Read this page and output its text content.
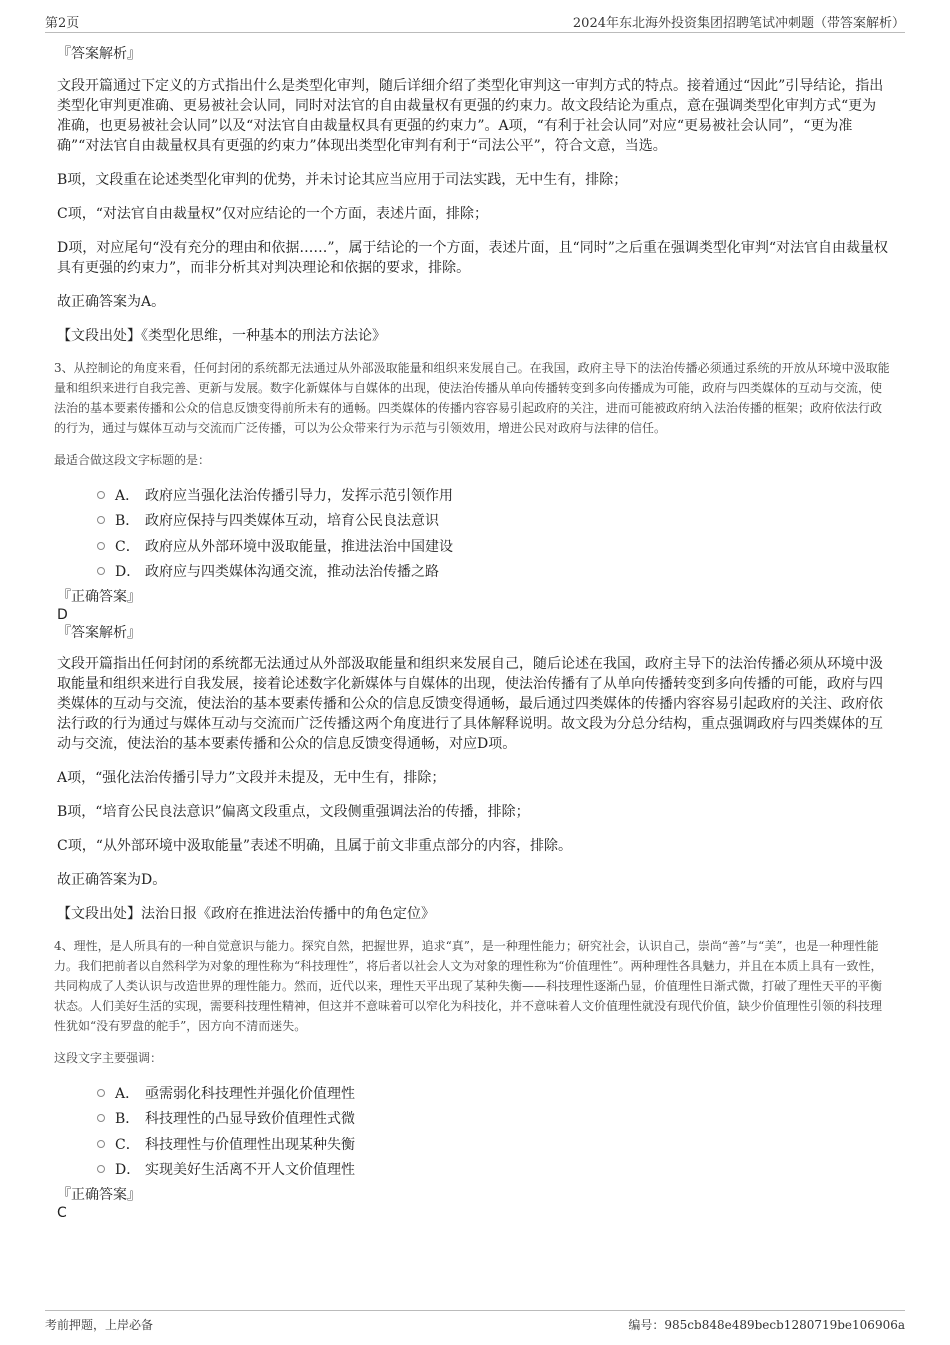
第2页	2024年东北海外投资集团招聘笔试冲刺题（带答案解析）
『答案解析』
文段开篇通过下定义的方式指出什么是类型化审判，随后详细介绍了类型化审判这一审判方式的特点。接着通过“因此”引导结论，指出类型化审判更准确、更易被社会认同，同时对法官的自由裁量权有更强的约束力。故文段结论为重点，意在强调类型化审判方式“更为准确，也更易被社会认同”以及“对法官自由裁量权具有更强的约束力”。A项，“有利于社会认同”对应“更易被社会认同”，“更为准确”“对法官自由裁量权具有更强的约束力”体现出类型化审判有利于“司法公平”，符合文意，当选。
B项，文段重在论述类型化审判的优势，并未讨论其应当应用于司法实践，无中生有，排除；
C项，“对法官自由裁量权”仅对应结论的一个方面，表述片面，排除；
D项，对应尾句“没有充分的理由和依据……”，属于结论的一个方面，表述片面，且“同时”之后重在强调类型化审判“对法官自由裁量权具有更强的约束力”，而非分析其对判决理论和依据的要求，排除。
故正确答案为A。
【文段出处】《类型化思维，一种基本的刑法方法论》
3、从控制论的角度来看，任何封闭的系统都无法通过从外部汲取能量和组织来发展自己。在我国，政府主导下的法治传播必须通过系统的开放从环境中汲取能量和组织来进行自我完善、更新与发展。数字化新媒体与自媒体的出现，使法治传播从单向传播转变到多向传播成为可能，政府与四类媒体的互动与交流，使法治的基本要素传播和公众的信息反馈变得前所未有的通畅。四类媒体的传播内容容易引起政府的关注，进而可能被政府纳入法治传播的框架；政府依法行政的行为，通过与媒体互动与交流而广泛传播，可以为公众带来行为示范与引领效用，增进公民对政府与法律的信任。
最适合做这段文字标题的是：
A． 政府应当强化法治传播引导力，发挥示范引领作用
B． 政府应保持与四类媒体互动，培育公民良法意识
C． 政府应从外部环境中汲取能量，推进法治中国建设
D． 政府应与四类媒体沟通交流，推动法治传播之路
『正确答案』
D
『答案解析』
文段开篇指出任何封闭的系统都无法通过从外部汲取能量和组织来发展自己，随后论述在我国，政府主导下的法治传播必须从环境中汲取能量和组织来进行自我发展，接着论述数字化新媒体与自媒体的出现，使法治传播有了从单向传播转变到多向传播的可能，政府与四类媒体的互动与交流，使法治的基本要素传播和公众的信息反馈变得通畅，最后通过四类媒体的传播内容容易引起政府的关注、政府依法行政的行为通过与媒体互动与交流而广泛传播这两个角度进行了具体解释说明。故文段为分总分结构，重点强调政府与四类媒体的互动与交流，使法治的基本要素传播和公众的信息反馈变得通畅，对应D项。
A项，“强化法治传播引导力”文段并未提及，无中生有，排除；
B项，“培育公民良法意识”偏离文段重点，文段侧重强调法治的传播，排除；
C项，“从外部环境中汲取能量”表述不明确，且属于前文非重点部分的内容，排除。
故正确答案为D。
【文段出处】法治日报《政府在推进法治传播中的角色定位》
4、理性，是人所具有的一种自觉意识与能力。探究自然，把握世界，追求“真”，是一种理性能力；研究社会，认识自己，崇尚“善”与“美”，也是一种理性能力。我们把前者以自然科学为对象的理性称为“科技理性”，将后者以社会人文为对象的理性称为“价值理性”。两种理性各具魅力，并且在本质上具有一致性，共同构成了人类认识与改造世界的理性能力。然而，近代以来，理性天平出现了某种失衡——科技理性逐渐凸显，价值理性日渐式微，打破了理性天平的平衡状态。人们美好生活的实现，需要科技理性精神，但这并不意味着可以窄化为科技化，并不意味着人文价值理性就没有现代价值，缺少价值理性引领的科技理性犹如“没有罗盘的舵手”，因方向不清而迷失。
这段文字主要强调：
A． 亟需弱化科技理性并强化价值理性
B． 科技理性的凸显导致价值理性式微
C． 科技理性与价值理性出现某种失衡
D． 实现美好生活离不开人文价值理性
『正确答案』
C
考前押题，上岸必备	编号：985cb848e489becb1280719be106906a
